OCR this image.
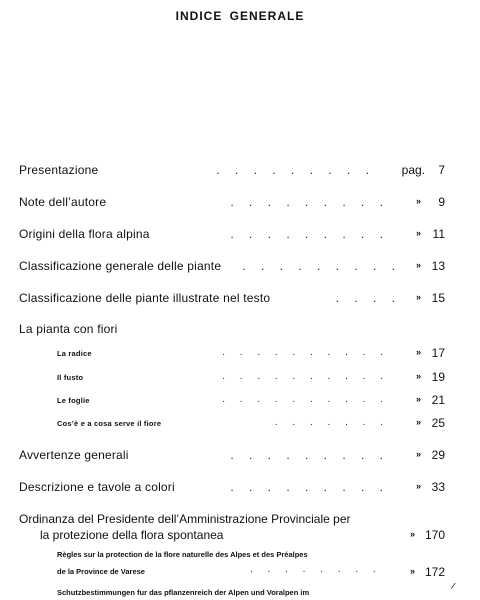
INDICE GENERALE
Presentazione	. . . . . . . . .	pag. 7
Note dell’autore	. . . . . . . . .	» 9
Origini della flora alpina	. . . . . . . . .	» 11
Classificazione generale delle piante . . . . . . . . . » 13
Classificazione delle piante illustrate nel testo	» 15
. . . .
La pianta con fiori
La radice	. . . . . . . . . .	» 17
Il fusto	. . . . . . . . . .	» 19
Le foglie	. . . . . . . . . .	» 21
Cos’è e a cosa serve il fiore	. . . . . . .	» 25
Avvertenze generali	. . . . . . . . .	» 29
Descrizione e tavole a colori	. . . . . . . . .	» 33
Ordinanza del Presidente dell’Amministrazione Provinciale per
la protezione della flora spontanea	» 170
Règles sur la protection de la flore naturelle des Alpes et des Préalpes
de la Province de Varese	. . . . . . . .	» 172
Schutzbestimmungen fur das pflanzenreich der Alpen und Voralpen im
/
